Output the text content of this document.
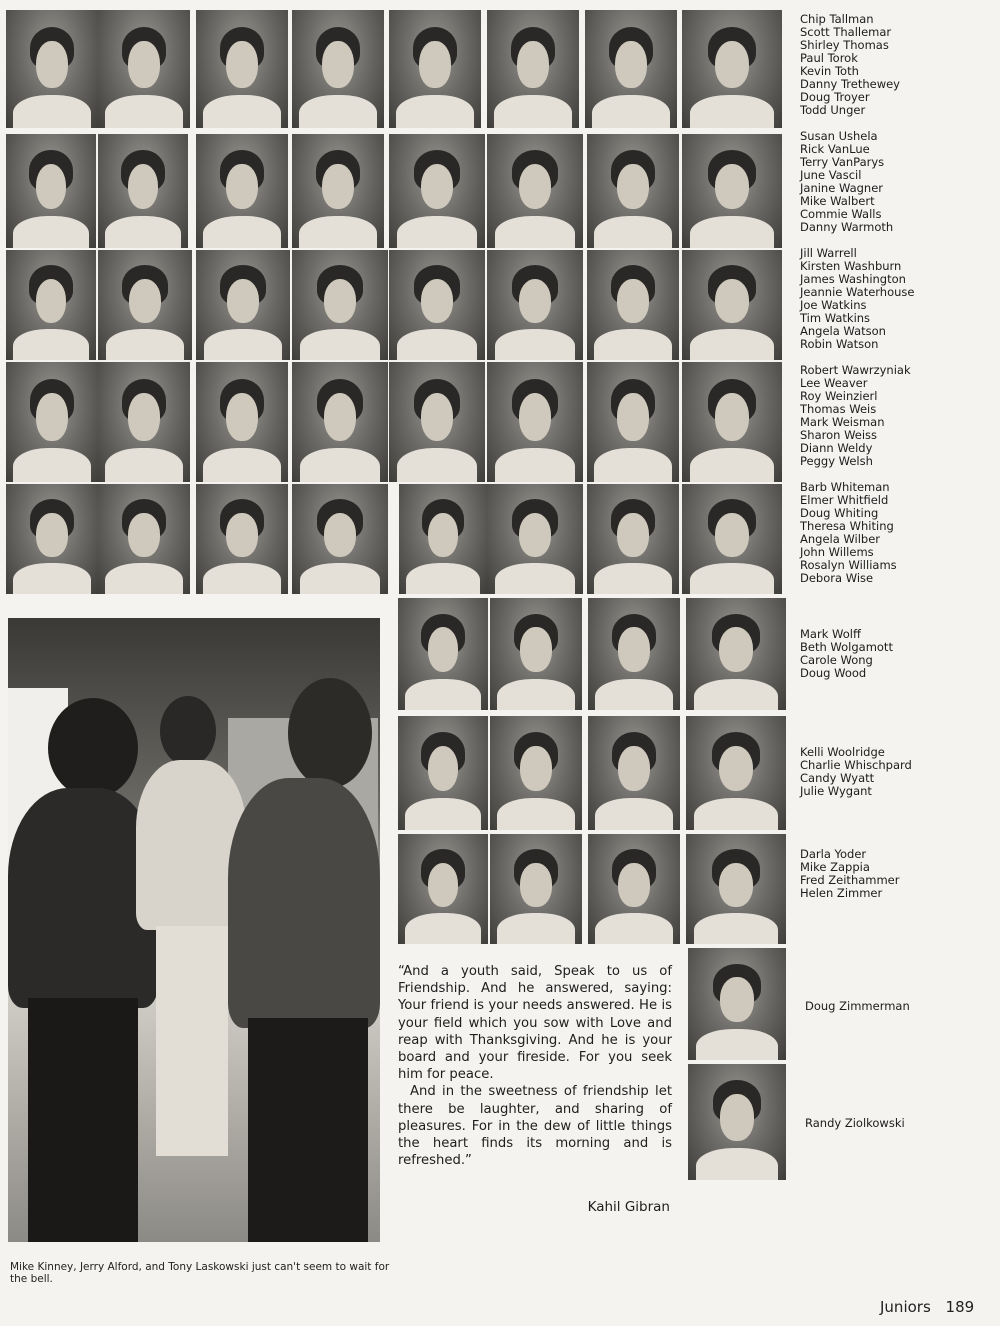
Chip Tallman
Scott Thallemar
Shirley Thomas
Paul Torok
Kevin Toth
Danny Trethewey
Doug Troyer
Todd Unger
Susan Ushela
Rick VanLue
Terry VanParys
June Vascil
Janine Wagner
Mike Walbert
Commie Walls
Danny Warmoth
Jill Warrell
Kirsten Washburn
James Washington
Jeannie Waterhouse
Joe Watkins
Tim Watkins
Angela Watson
Robin Watson
Robert Wawrzyniak
Lee Weaver
Roy Weinzierl
Thomas Weis
Mark Weisman
Sharon Weiss
Diann Weldy
Peggy Welsh
Barb Whiteman
Elmer Whitfield
Doug Whiting
Theresa Whiting
Angela Wilber
John Willems
Rosalyn Williams
Debora Wise
Mark Wolff
Beth Wolgamott
Carole Wong
Doug Wood
Kelli Woolridge
Charlie Whischpard
Candy Wyatt
Julie Wygant
Darla Yoder
Mike Zappia
Fred Zeithammer
Helen Zimmer
Doug Zimmerman
Randy Ziolkowski
Mike Kinney, Jerry Alford, and Tony Laskowski just can't seem to wait for the bell.

“And a youth said, Speak to us of Friendship. And he answered, saying: Your friend is your needs answered. He is your field which you sow with Love and reap with Thanksgiving. And he is your board and your fireside. For you seek him for peace.

And in the sweetness of friendship let there be laughter, and sharing of pleasures. For in the dew of little things the heart finds its morning and is refreshed.”

Kahil Gibran
Juniors 189
